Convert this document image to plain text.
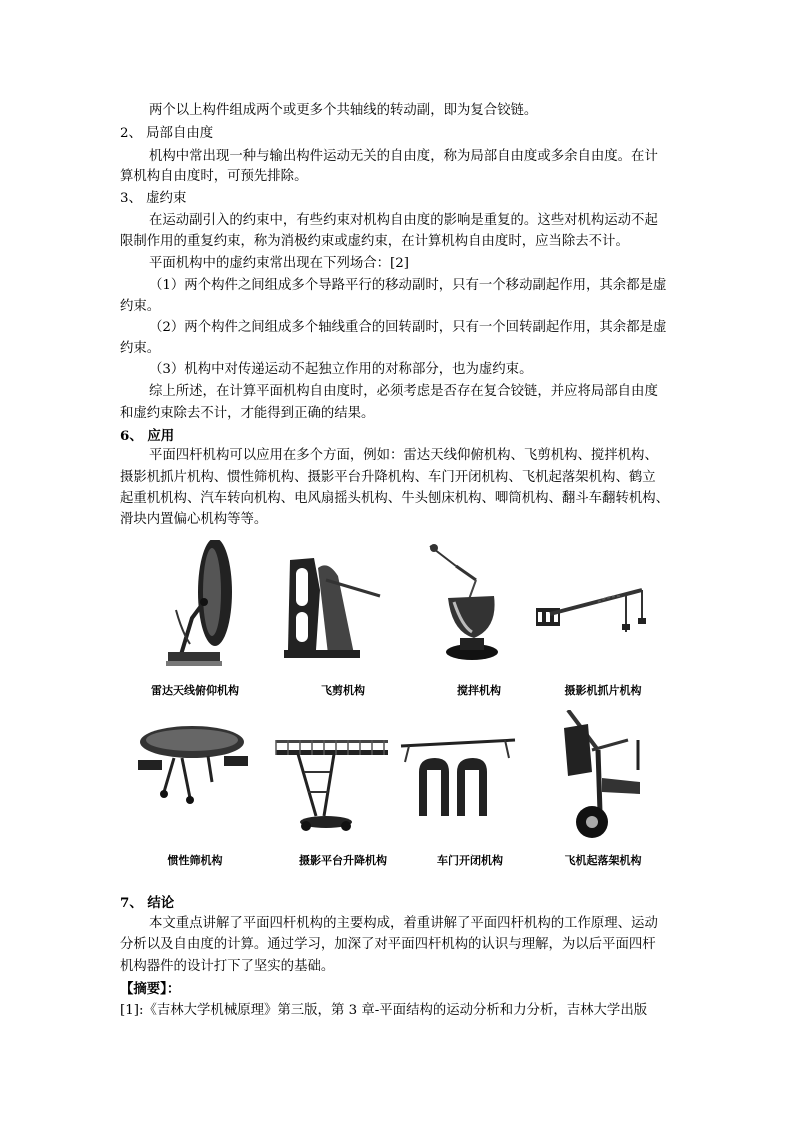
两个以上构件组成两个或更多个共轴线的转动副，即为复合铰链。
2、 局部自由度
机构中常出现一种与输出构件运动无关的自由度，称为局部自由度或多余自由度。在计
算机构自由度时，可预先排除。
3、 虚约束
在运动副引入的约束中，有些约束对机构自由度的影响是重复的。这些对机构运动不起
限制作用的重复约束，称为消极约束或虚约束，在计算机构自由度时，应当除去不计。
平面机构中的虚约束常出现在下列场合：[2]
（1）两个构件之间组成多个导路平行的移动副时，只有一个移动副起作用，其余都是虚
约束。
（2）两个构件之间组成多个轴线重合的回转副时，只有一个回转副起作用，其余都是虚
约束。
（3）机构中对传递运动不起独立作用的对称部分，也为虚约束。
综上所述，在计算平面机构自由度时，必须考虑是否存在复合铰链，并应将局部自由度
和虚约束除去不计，才能得到正确的结果。
6、 应用
平面四杆机构可以应用在多个方面，例如：雷达天线仰俯机构、飞剪机构、搅拌机构、
摄影机抓片机构、惯性筛机构、摄影平台升降机构、车门开闭机构、飞机起落架机构、鹤立
起重机机构、汽车转向机构、电风扇摇头机构、牛头刨床机构、唧筒机构、翻斗车翻转机构、
滑块内置偏心机构等等。
雷达天线俯仰机构	飞剪机构	搅拌机构	摄影机抓片机构
惯性筛机构	摄影平台升降机构	车门开闭机构	飞机起落架机构
7、 结论
本文重点讲解了平面四杆机构的主要构成，着重讲解了平面四杆机构的工作原理、运动
分析以及自由度的计算。通过学习，加深了对平面四杆机构的认识与理解，为以后平面四杆
机构器件的设计打下了坚实的基础。
【摘要】：
[1]:《吉林大学机械原理》第三版，第 3 章-平面结构的运动分析和力分析，吉林大学出版
